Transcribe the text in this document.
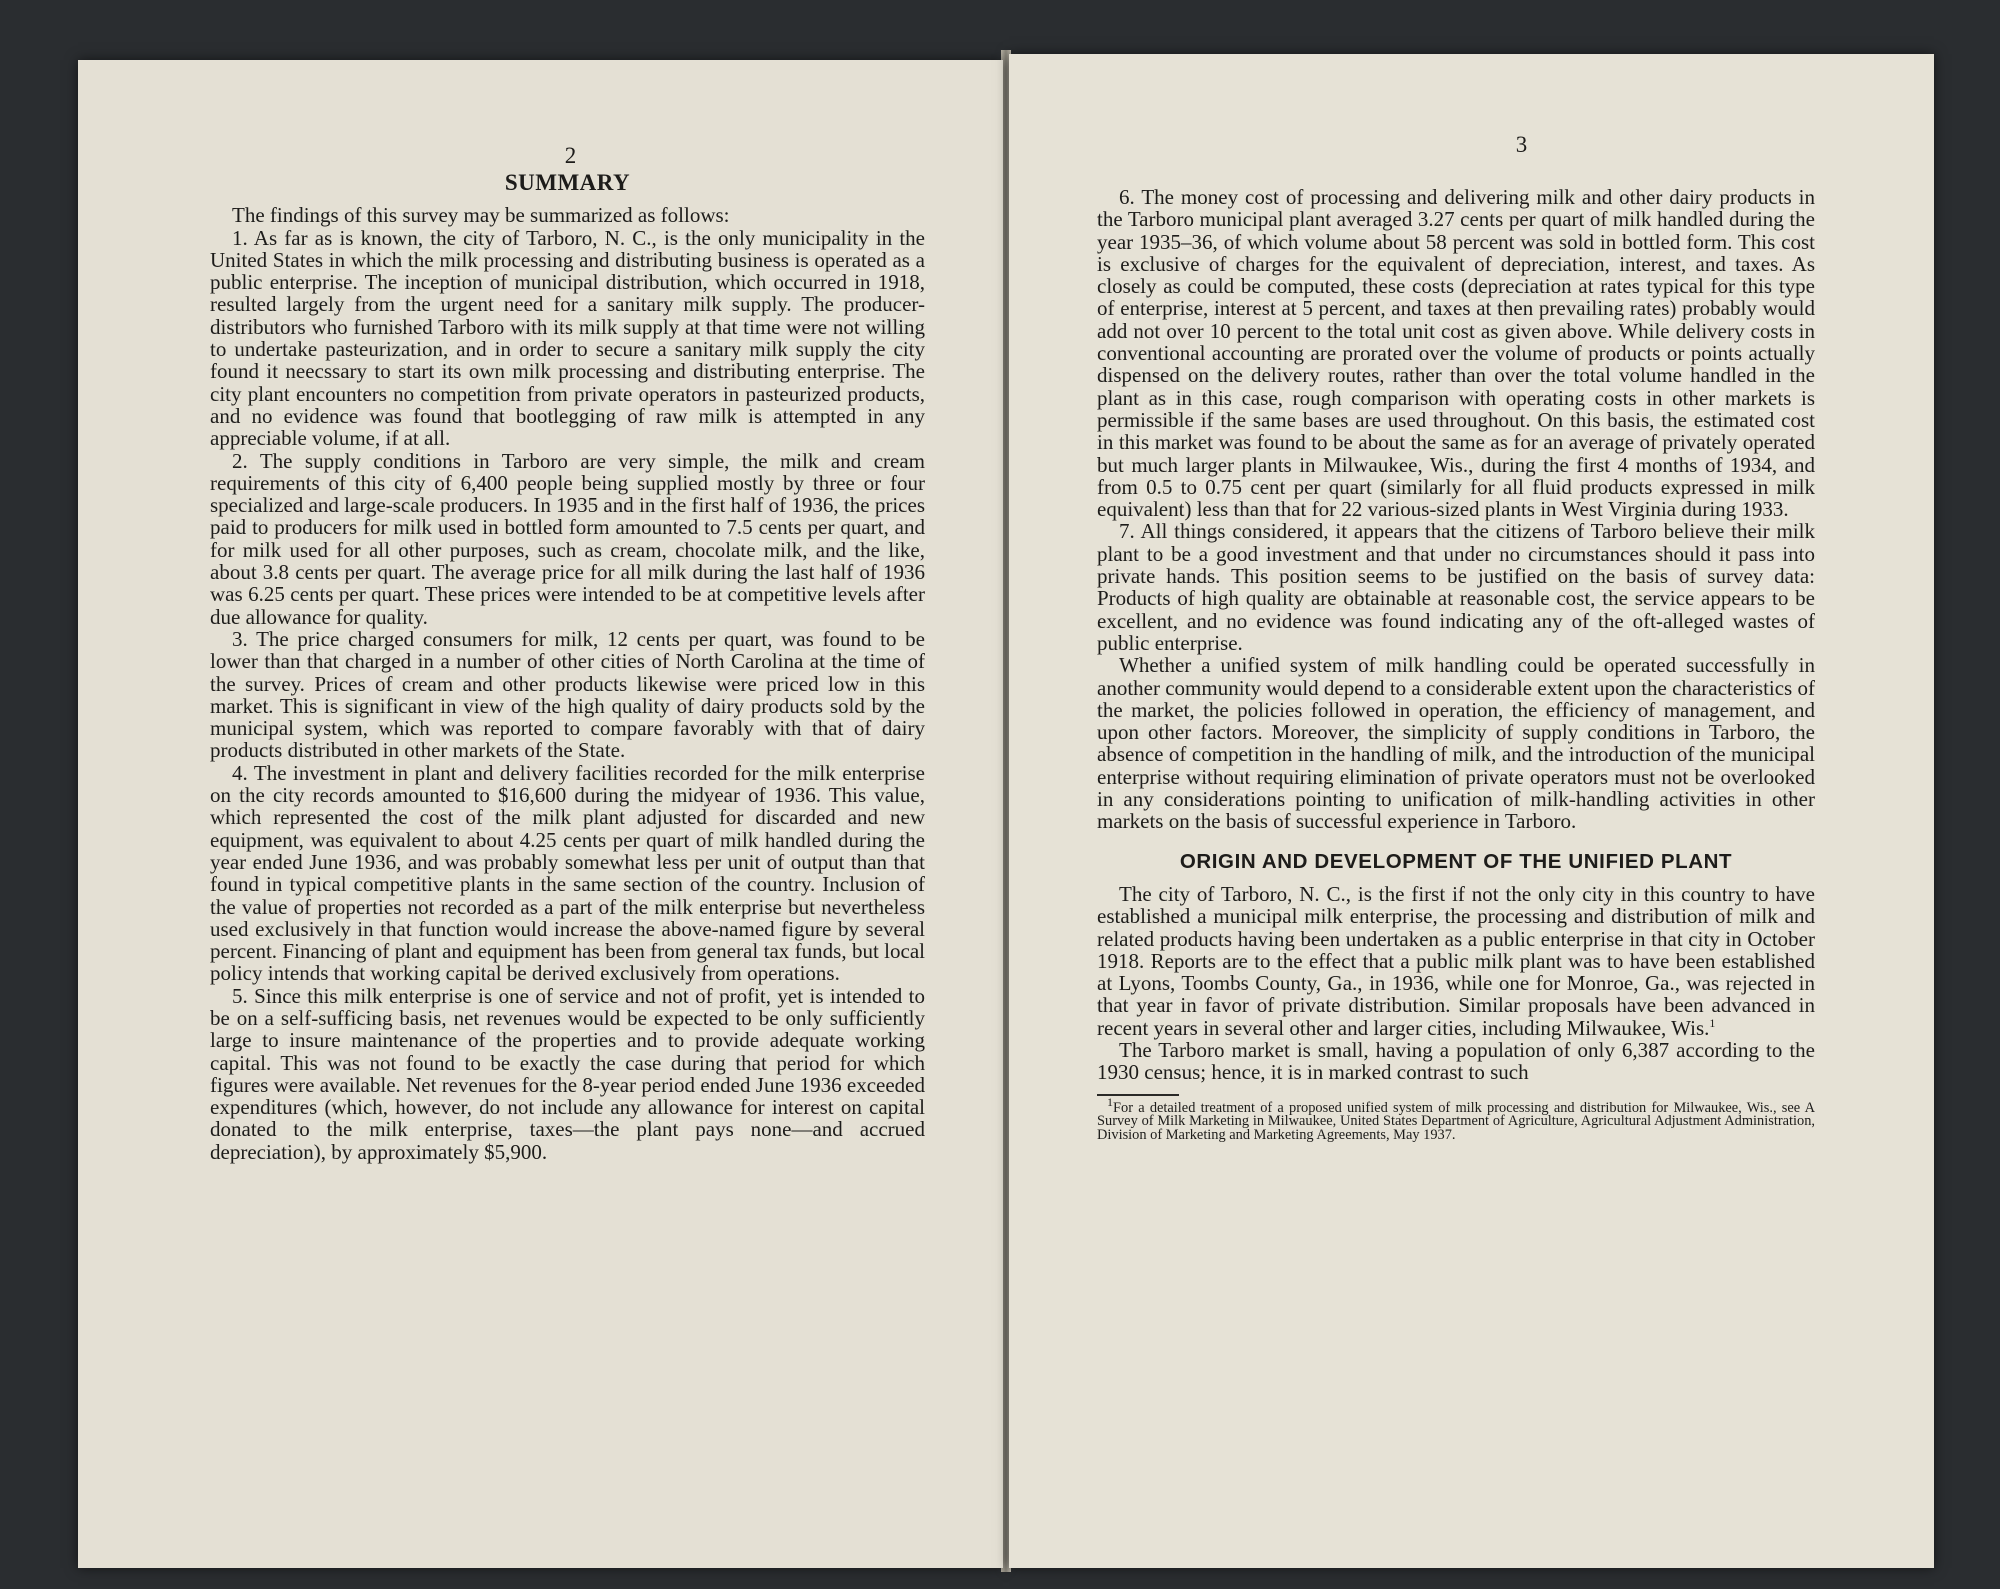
2
SUMMARY

The findings of this survey may be summarized as follows:

1. As far as is known, the city of Tarboro, N. C., is the only municipality in the United States in which the milk processing and distributing business is operated as a public enterprise. The inception of municipal distribution, which occurred in 1918, resulted largely from the urgent need for a sanitary milk supply. The producer-distributors who furnished Tarboro with its milk supply at that time were not willing to undertake pasteurization, and in order to secure a sanitary milk supply the city found it neecssary to start its own milk processing and distributing enterprise. The city plant encounters no competition from private operators in pasteurized products, and no evidence was found that bootlegging of raw milk is attempted in any appreciable volume, if at all.

2. The supply conditions in Tarboro are very simple, the milk and cream requirements of this city of 6,400 people being supplied mostly by three or four specialized and large-scale producers. In 1935 and in the first half of 1936, the prices paid to producers for milk used in bottled form amounted to 7.5 cents per quart, and for milk used for all other purposes, such as cream, chocolate milk, and the like, about 3.8 cents per quart. The average price for all milk during the last half of 1936 was 6.25 cents per quart. These prices were intended to be at competitive levels after due allowance for quality.

3. The price charged consumers for milk, 12 cents per quart, was found to be lower than that charged in a number of other cities of North Carolina at the time of the survey. Prices of cream and other products likewise were priced low in this market. This is significant in view of the high quality of dairy products sold by the municipal system, which was reported to compare favorably with that of dairy products distributed in other markets of the State.

4. The investment in plant and delivery facilities recorded for the milk enterprise on the city records amounted to $16,600 during the midyear of 1936. This value, which represented the cost of the milk plant adjusted for discarded and new equipment, was equivalent to about 4.25 cents per quart of milk handled during the year ended June 1936, and was probably somewhat less per unit of output than that found in typical competitive plants in the same section of the country. Inclusion of the value of properties not recorded as a part of the milk enterprise but nevertheless used exclusively in that function would increase the above-named figure by several percent. Financing of plant and equipment has been from general tax funds, but local policy intends that working capital be derived exclusively from operations.

5. Since this milk enterprise is one of service and not of profit, yet is intended to be on a self-sufficing basis, net revenues would be expected to be only sufficiently large to insure maintenance of the properties and to provide adequate working capital. This was not found to be exactly the case during that period for which figures were available. Net revenues for the 8-year period ended June 1936 exceeded expenditures (which, however, do not include any allowance for interest on capital donated to the milk enterprise, taxes—the plant pays none—and accrued depreciation), by approximately $5,900.

3

6. The money cost of processing and delivering milk and other dairy products in the Tarboro municipal plant averaged 3.27 cents per quart of milk handled during the year 1935–36, of which volume about 58 percent was sold in bottled form. This cost is exclusive of charges for the equivalent of depreciation, interest, and taxes. As closely as could be computed, these costs (depreciation at rates typical for this type of enterprise, interest at 5 percent, and taxes at then prevailing rates) probably would add not over 10 percent to the total unit cost as given above. While delivery costs in conventional accounting are prorated over the volume of products or points actually dispensed on the delivery routes, rather than over the total volume handled in the plant as in this case, rough comparison with operating costs in other markets is permissible if the same bases are used throughout. On this basis, the estimated cost in this market was found to be about the same as for an average of privately operated but much larger plants in Milwaukee, Wis., during the first 4 months of 1934, and from 0.5 to 0.75 cent per quart (similarly for all fluid products expressed in milk equivalent) less than that for 22 various-sized plants in West Virginia during 1933.

7. All things considered, it appears that the citizens of Tarboro believe their milk plant to be a good investment and that under no circumstances should it pass into private hands. This position seems to be justified on the basis of survey data: Products of high quality are obtainable at reasonable cost, the service appears to be excellent, and no evidence was found indicating any of the oft-alleged wastes of public enterprise.

Whether a unified system of milk handling could be operated successfully in another community would depend to a considerable extent upon the characteristics of the market, the policies followed in operation, the efficiency of management, and upon other factors. Moreover, the simplicity of supply conditions in Tarboro, the absence of competition in the handling of milk, and the introduction of the municipal enterprise without requiring elimination of private operators must not be overlooked in any considerations pointing to unification of milk-handling activities in other markets on the basis of successful experience in Tarboro.

ORIGIN AND DEVELOPMENT OF THE UNIFIED PLANT

The city of Tarboro, N. C., is the first if not the only city in this country to have established a municipal milk enterprise, the processing and distribution of milk and related products having been undertaken as a public enterprise in that city in October 1918. Reports are to the effect that a public milk plant was to have been established at Lyons, Toombs County, Ga., in 1936, while one for Monroe, Ga., was rejected in that year in favor of private distribution. Similar proposals have been advanced in recent years in several other and larger cities, including Milwaukee, Wis.$^1$

The Tarboro market is small, having a population of only 6,387 according to the 1930 census; hence, it is in marked contrast to such

$^1$For a detailed treatment of a proposed unified system of milk processing and distribution for Milwaukee, Wis., see A Survey of Milk Marketing in Milwaukee, United States Department of Agriculture, Agricultural Adjustment Administration, Division of Marketing and Marketing Agreements, May 1937.
